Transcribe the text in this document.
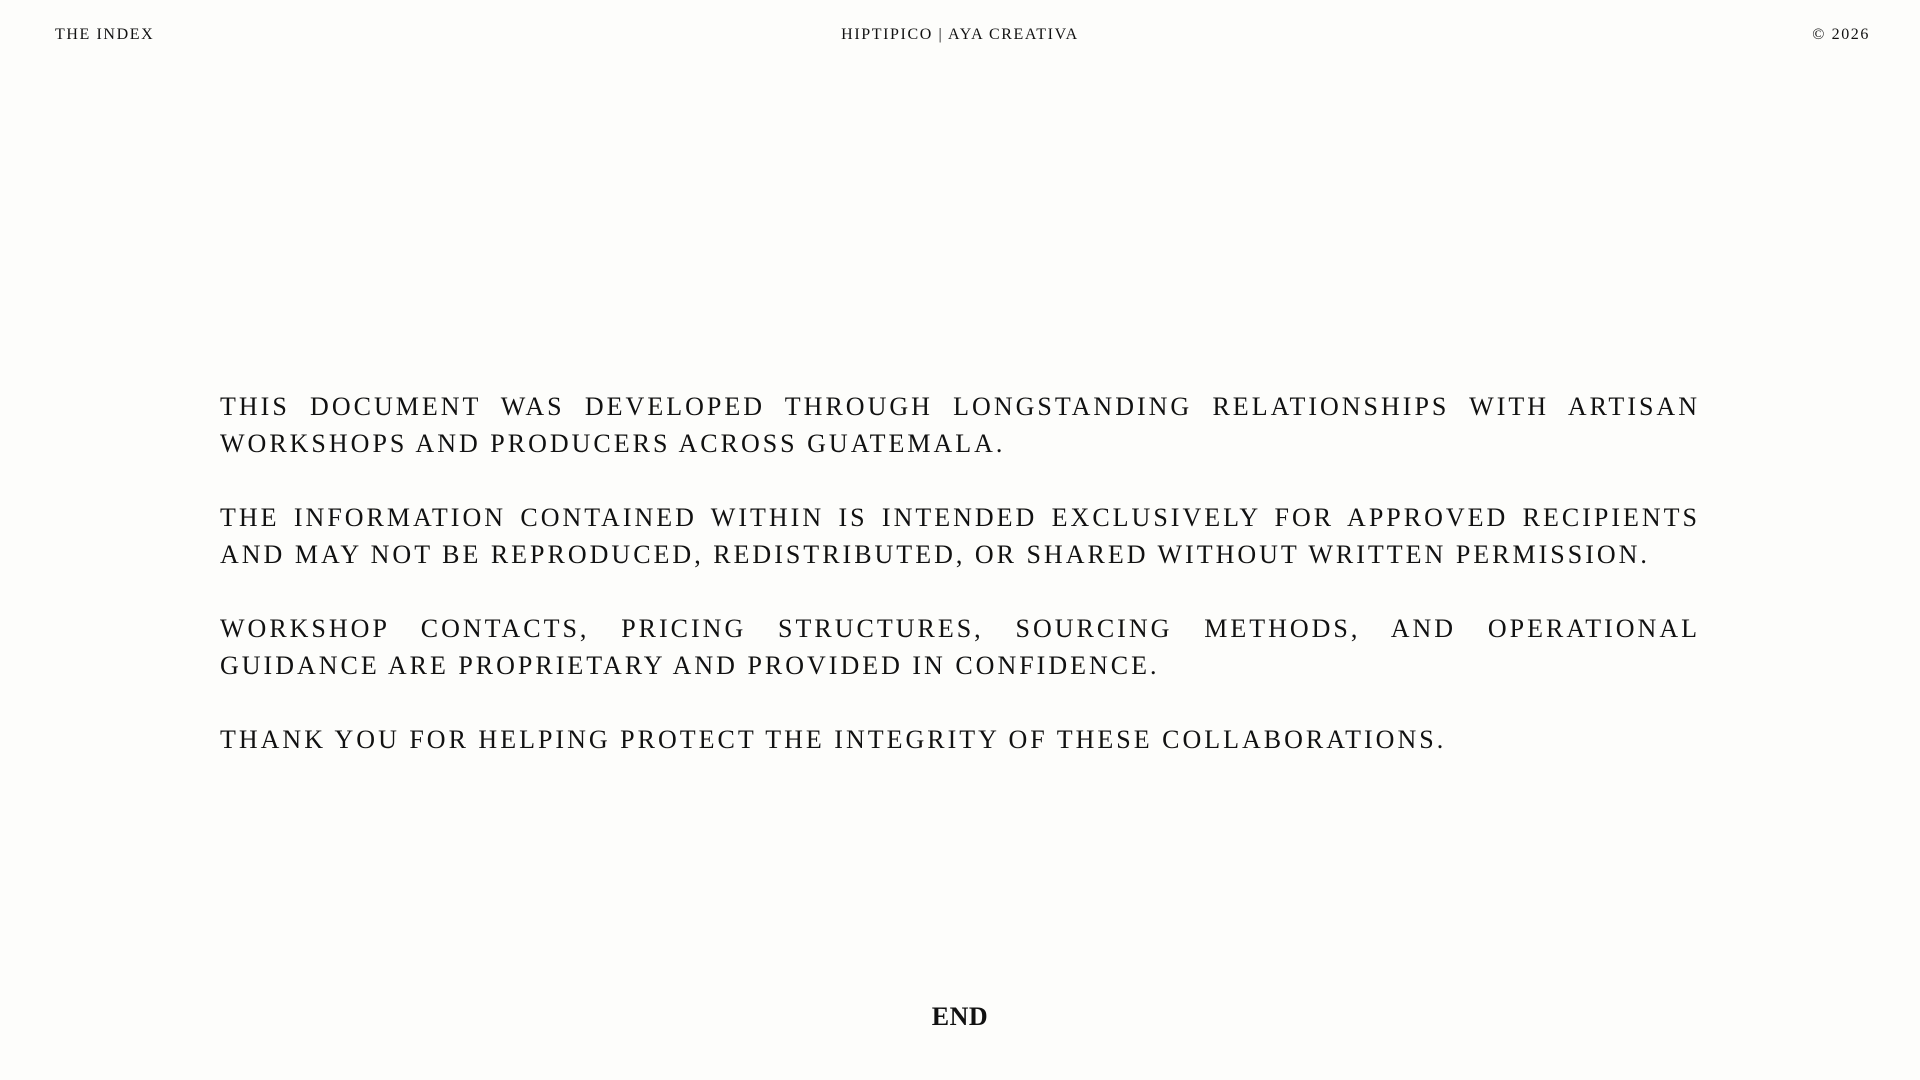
THE INDEX	HIPTIPICO | AYA CREATIVA	© 2026

THIS DOCUMENT WAS DEVELOPED THROUGH LONGSTANDING RELATIONSHIPS WITH ARTISAN WORKSHOPS AND PRODUCERS ACROSS GUATEMALA.

THE INFORMATION CONTAINED WITHIN IS INTENDED EXCLUSIVELY FOR APPROVED RECIPIENTS AND MAY NOT BE REPRODUCED, REDISTRIBUTED, OR SHARED WITHOUT WRITTEN PERMISSION.

WORKSHOP CONTACTS, PRICING STRUCTURES, SOURCING METHODS, AND OPERATIONAL GUIDANCE ARE PROPRIETARY AND PROVIDED IN CONFIDENCE.

THANK YOU FOR HELPING PROTECT THE INTEGRITY OF THESE COLLABORATIONS.

END
